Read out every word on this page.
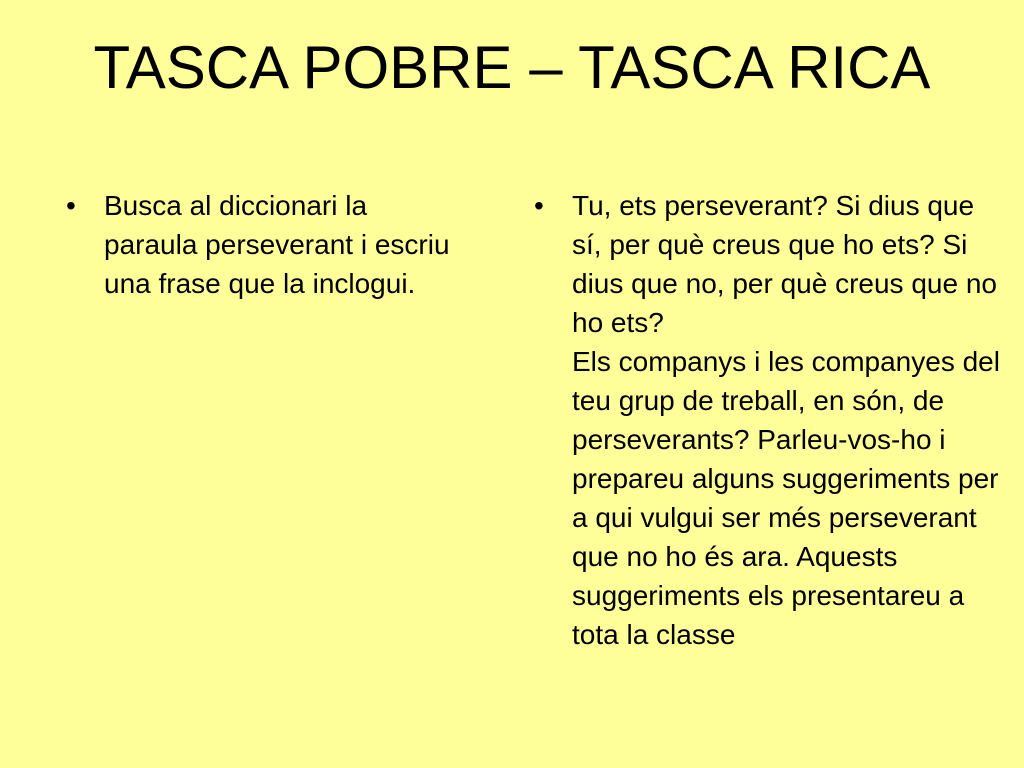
TASCA POBRE – TASCA RICA
• Busca al diccionari la paraula perseverant i escriu una frase que la inclogui.
• Tu, ets perseverant? Si dius que sí, per què creus que ho ets? Si dius que no, per què creus que no ho ets?
Els companys i les companyes del teu grup de treball, en són, de perseverants? Parleu-vos-ho i prepareu alguns suggeriments per a qui vulgui ser més perseverant que no ho és ara. Aquests suggeriments els presentareu a tota la classe
